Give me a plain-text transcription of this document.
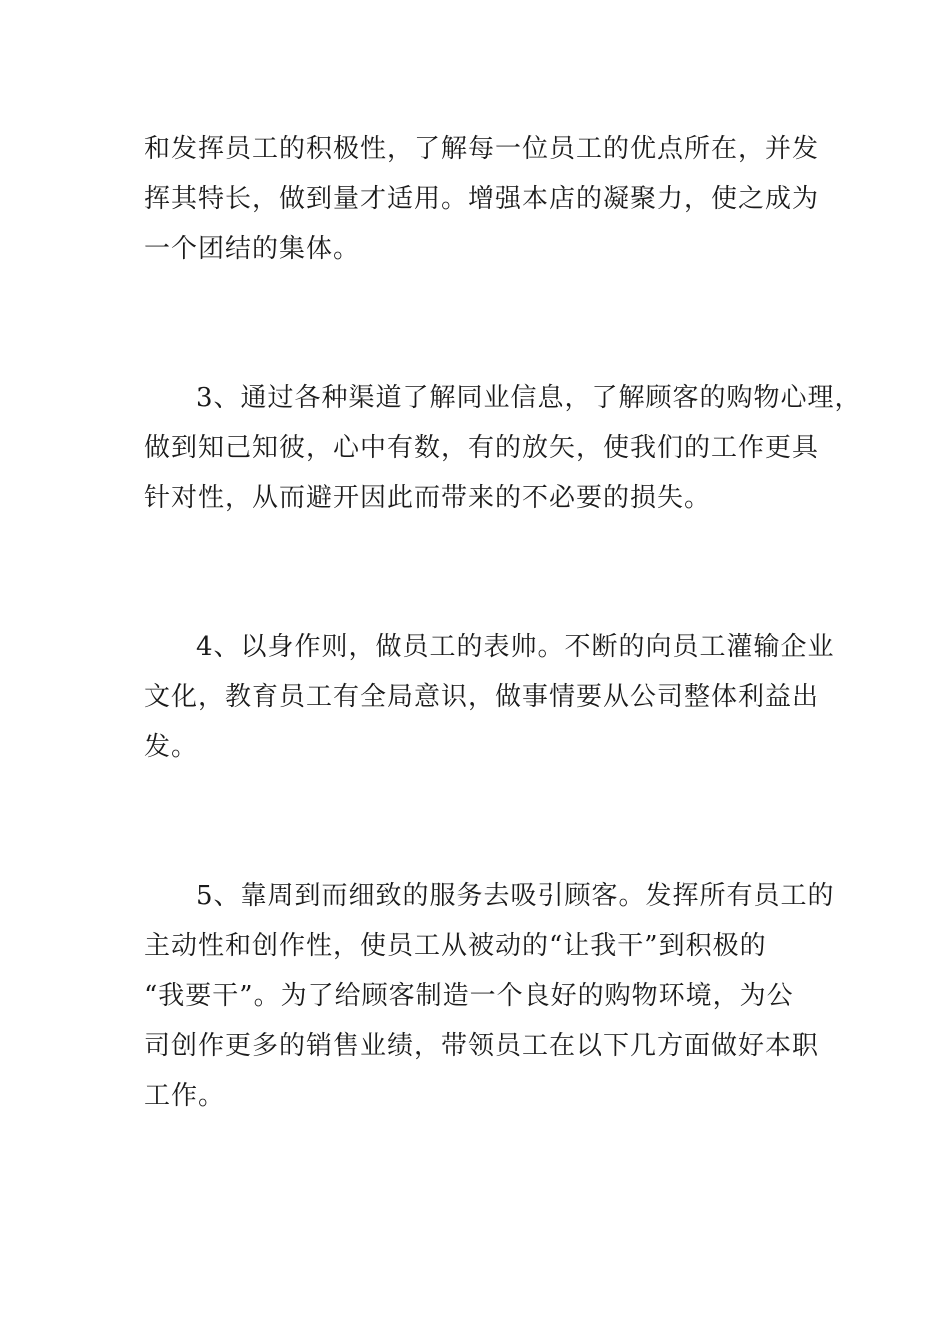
和发挥员工的积极性，了解每一位员工的优点所在，并发
挥其特长，做到量才适用。增强本店的凝聚力，使之成为
一个团结的集体。

3、通过各种渠道了解同业信息，了解顾客的购物心理，
做到知己知彼，心中有数，有的放矢，使我们的工作更具
针对性，从而避开因此而带来的不必要的损失。

4、以身作则，做员工的表帅。不断的向员工灌输企业
文化，教育员工有全局意识，做事情要从公司整体利益出
发。

5、靠周到而细致的服务去吸引顾客。发挥所有员工的
主动性和创作性，使员工从被动的“让我干”到积极的
“我要干”。为了给顾客制造一个良好的购物环境，为公
司创作更多的销售业绩，带领员工在以下几方面做好本职
工作。
